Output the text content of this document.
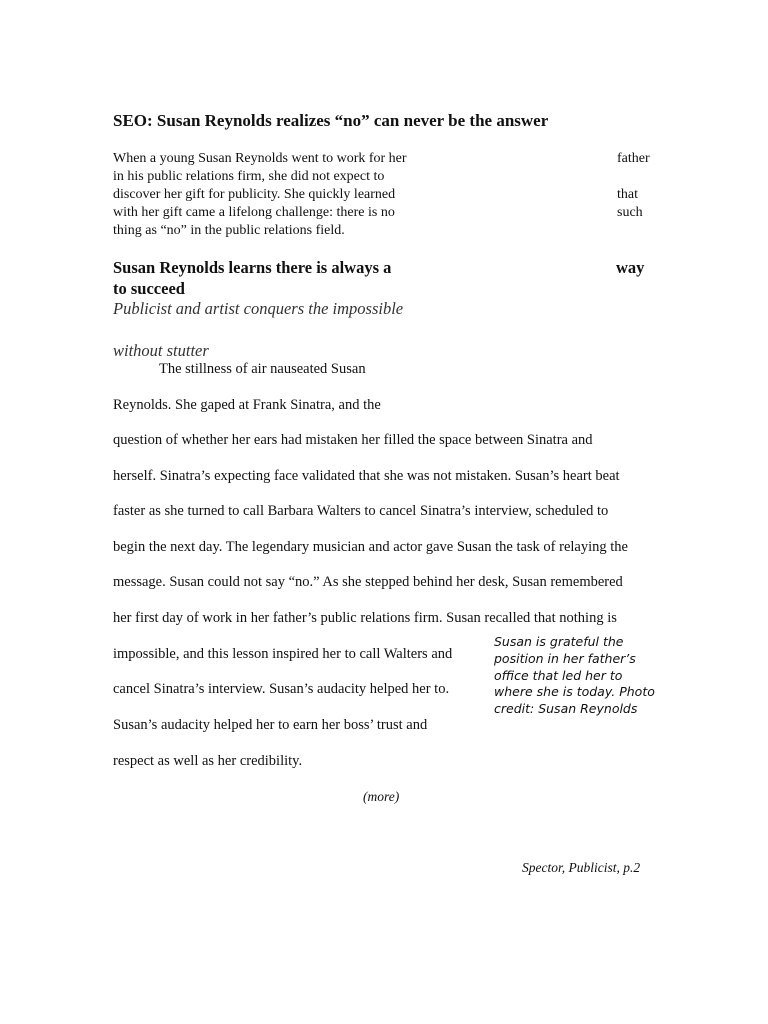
SEO: Susan Reynolds realizes “no” can never be the answer
When a young Susan Reynolds went to work for her	father
in his public relations firm, she did not expect to
discover her gift for publicity. She quickly learned	that
with her gift came a lifelong challenge: there is no	such
thing as “no” in the public relations field.
Susan Reynolds learns there is always a	way
to succeed
Publicist and artist conquers the impossible
without stutter
The stillness of air nauseated Susan
Reynolds. She gaped at Frank Sinatra, and the
question of whether her ears had mistaken her filled the space between Sinatra and
herself. Sinatra’s expecting face validated that she was not mistaken. Susan’s heart beat
faster as she turned to call Barbara Walters to cancel Sinatra’s interview, scheduled to
begin the next day. The legendary musician and actor gave Susan the task of relaying the
message. Susan could not say “no.” As she stepped behind her desk, Susan remembered
her first day of work in her father’s public relations firm. Susan recalled that nothing is
impossible, and this lesson inspired her to call Walters and
cancel Sinatra’s interview. Susan’s audacity helped her to.
Susan’s audacity helped her to earn her boss’ trust and
respect as well as her credibility.
Susan is grateful the position in her father’s office that led her to where she is today. Photo credit: Susan Reynolds
(more)
Spector, Publicist, p.2
